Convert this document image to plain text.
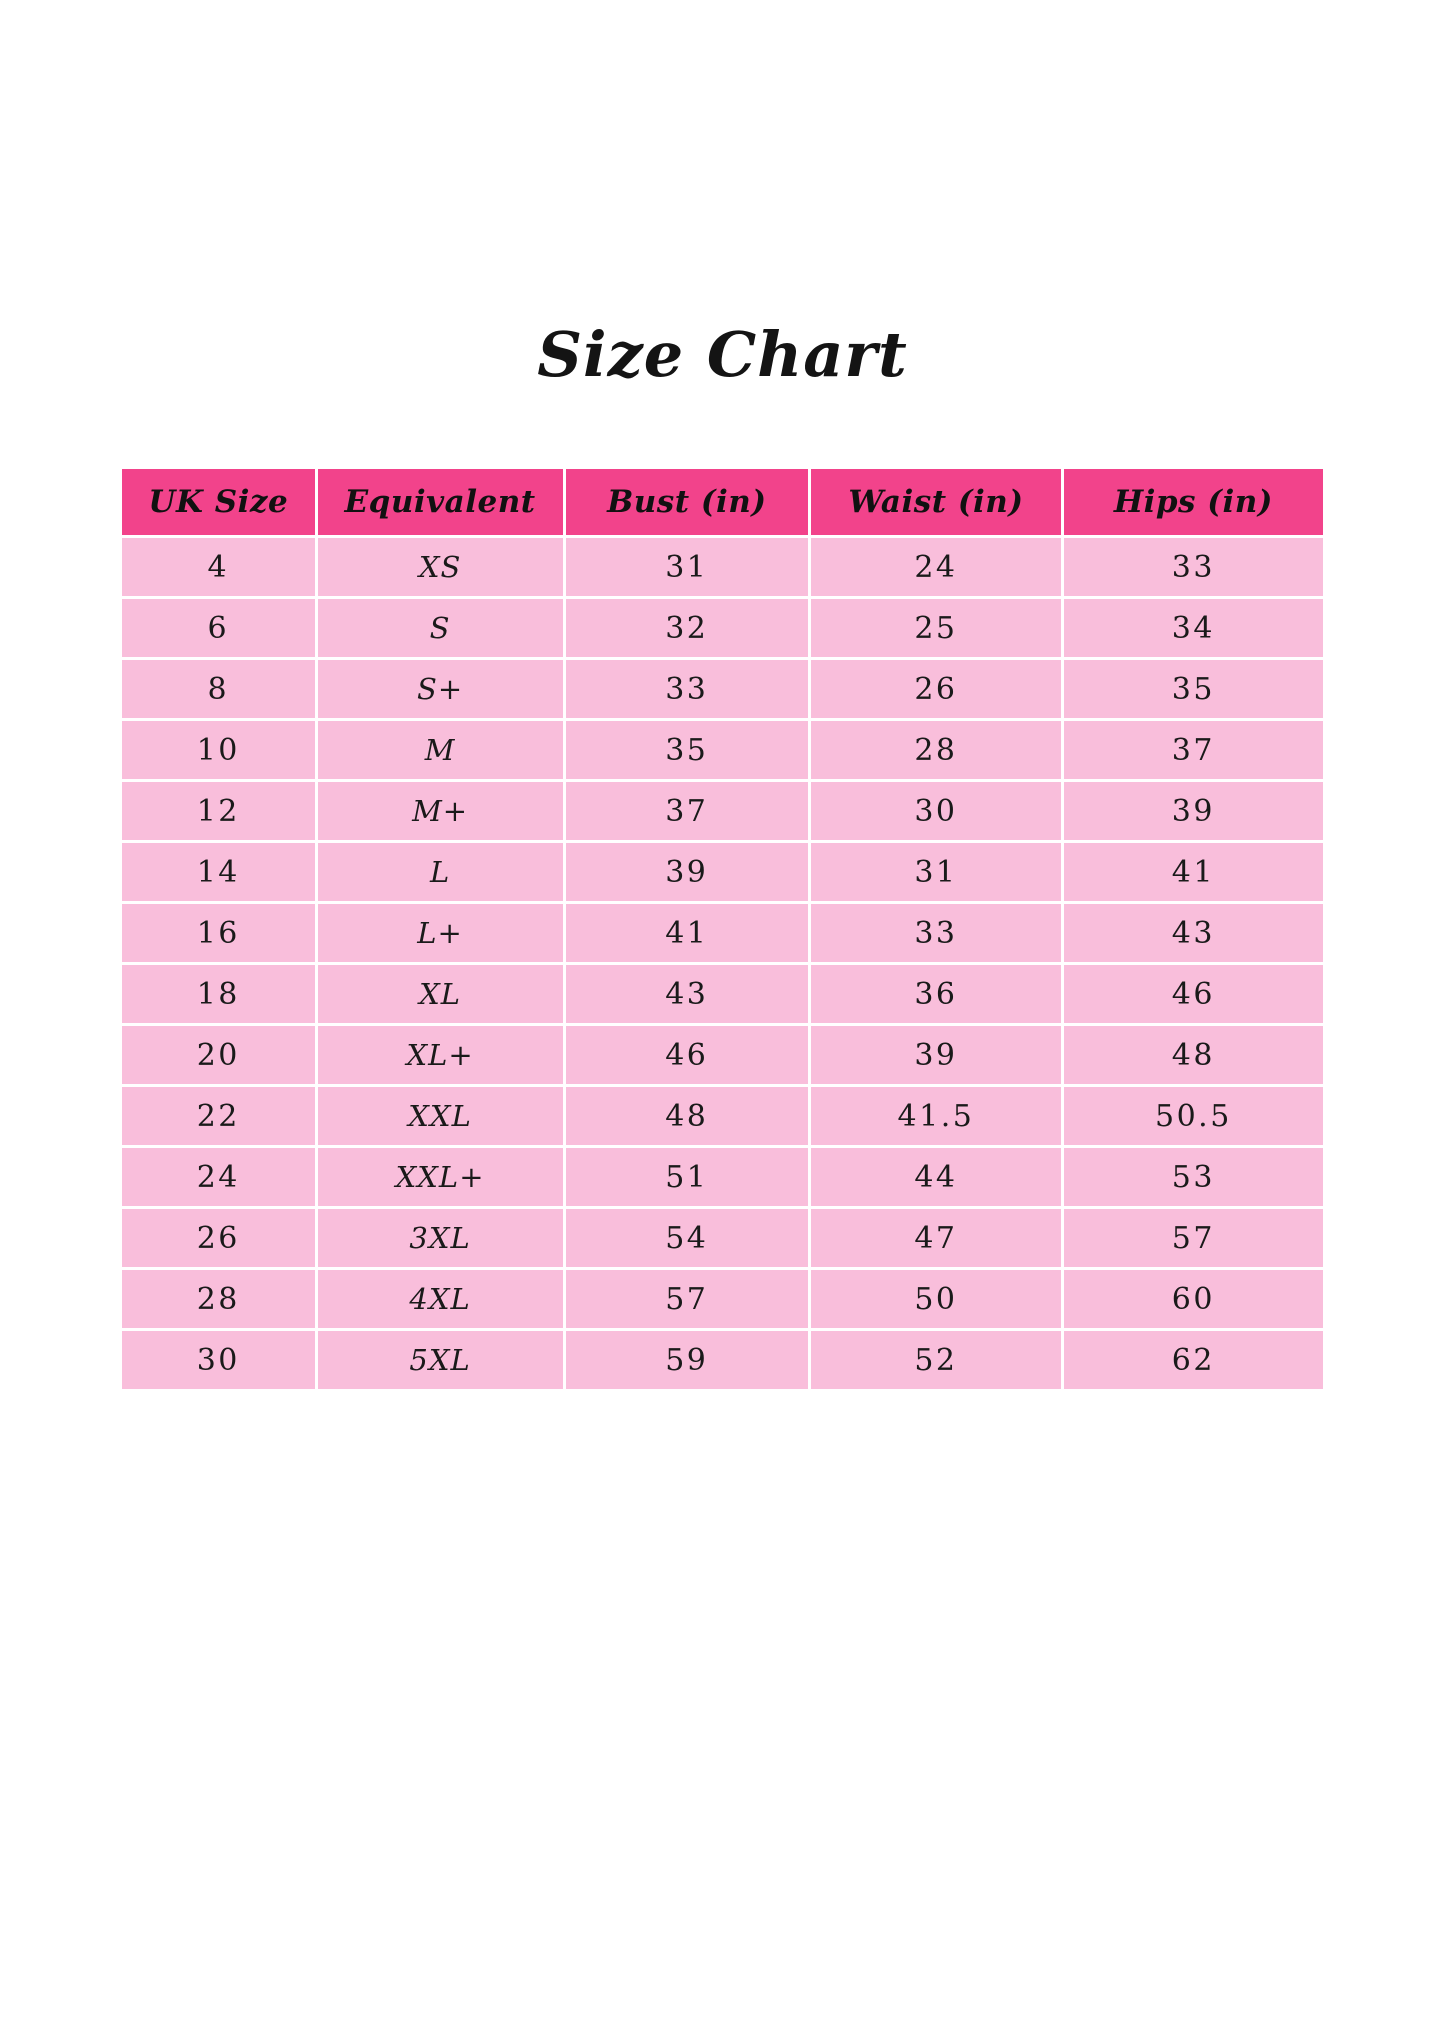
Size Chart
UK Size	Equivalent	Bust (in)	Waist (in)	Hips (in)
4	XS	31	24	33
6	S	32	25	34
8	S+	33	26	35
10	M	35	28	37
12	M+	37	30	39
14	L	39	31	41
16	L+	41	33	43
18	XL	43	36	46
20	XL+	46	39	48
22	XXL	48	41.5	50.5
24	XXL+	51	44	53
26	3XL	54	47	57
28	4XL	57	50	60
30	5XL	59	52	62
